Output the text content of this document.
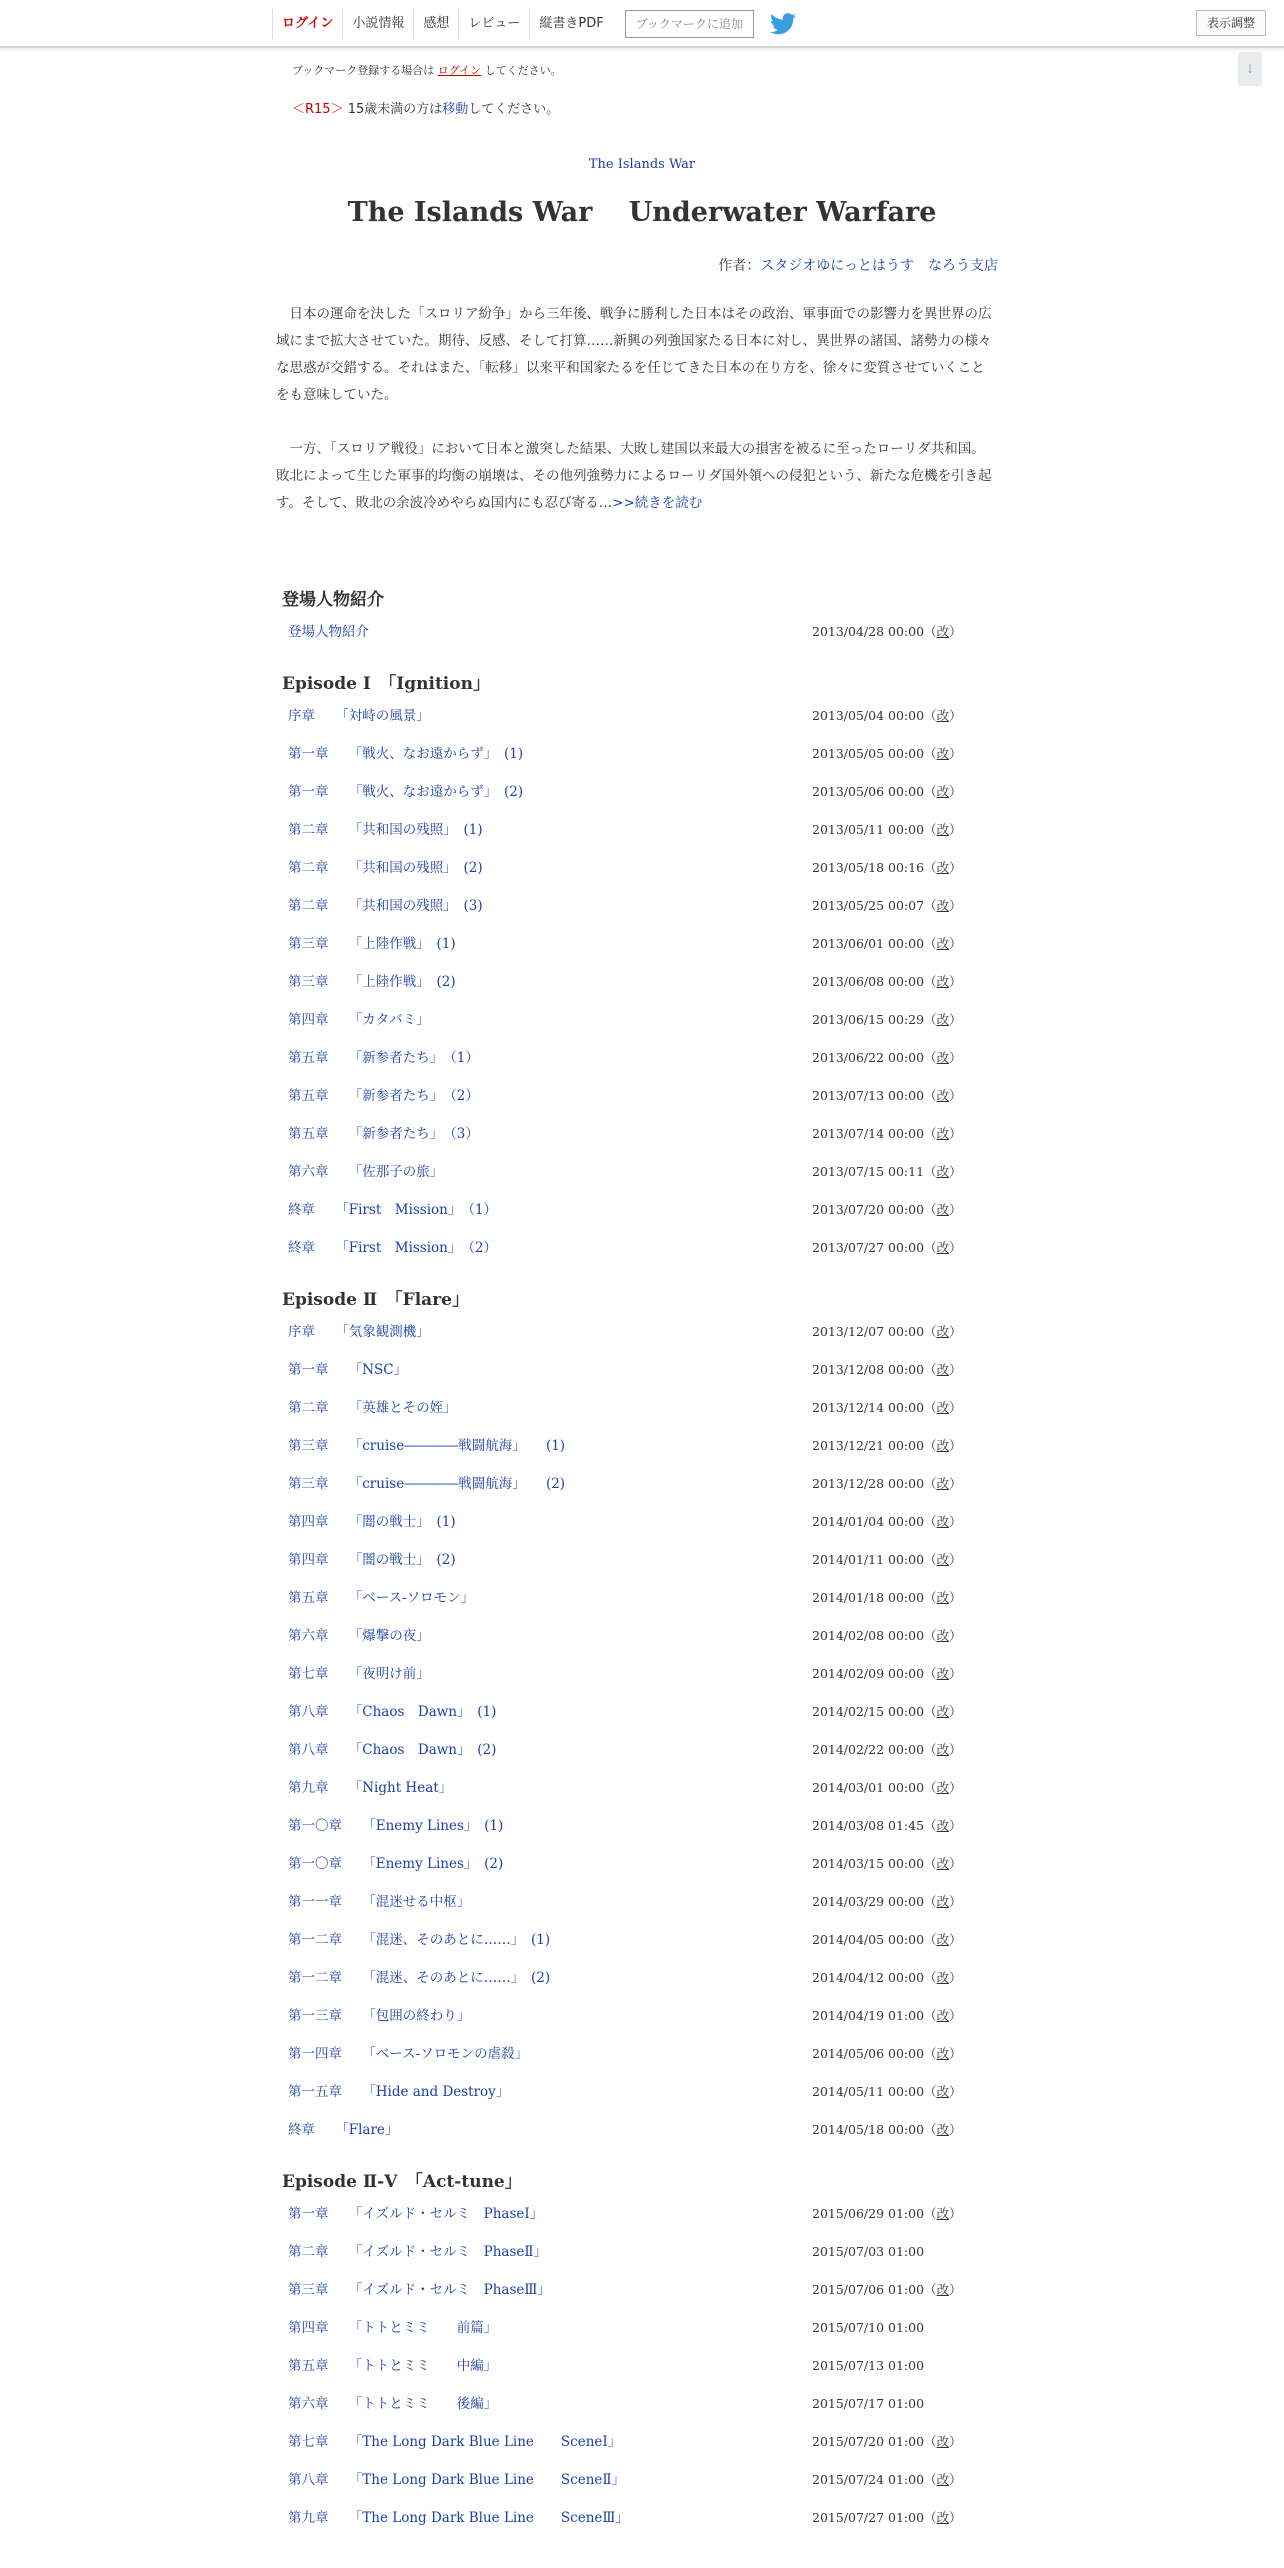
ログイン	小説情報	感想	レビュー	縦書きPDF	ブックマークに追加	表示調整
↓
ブックマーク登録する場合は ログイン してください。
＜R15＞ 15歳未満の方は移動してください。
The Islands War
The Islands War　 Underwater Warfare
作者：スタジオゆにっとはうす　なろう支店

日本の運命を決した「スロリア紛争」から三年後、戦争に勝利した日本はその政治、軍事面での影響力を異世界の広域にまで拡大させていた。期待、反感、そして打算……新興の列強国家たる日本に対し、異世界の諸国、諸勢力の様々な思惑が交錯する。それはまた、「転移」以来平和国家たるを任じてきた日本の在り方を、徐々に変質させていくことをも意味していた。

一方、「スロリア戦役」において日本と激突した結果、大敗し建国以来最大の損害を被るに至ったローリダ共和国。敗北によって生じた軍事的均衡の崩壊は、その他列強勢力によるローリダ国外領への侵犯という、新たな危機を引き起す。そして、敗北の余波冷めやらぬ国内にも忍び寄る…>>続きを読む

登場人物紹介
登場人物紹介	2013/04/28 00:00（改）
Episode Ⅰ　「Ignition」
序章　　「対峙の風景」	2013/05/04 00:00（改）
第一章　　「戦火、なお遠からず」　(1)	2013/05/05 00:00（改）
第一章　　「戦火、なお遠からず」　(2)	2013/05/06 00:00（改）
第二章　　「共和国の残照」　(1)	2013/05/11 00:00（改）
第二章　　「共和国の残照」　(2)	2013/05/18 00:16（改）
第二章　　「共和国の残照」　(3)	2013/05/25 00:07（改）
第三章　　「上陸作戦」　(1)	2013/06/01 00:00（改）
第三章　　「上陸作戦」　(2)	2013/06/08 00:00（改）
第四章　　「カタバミ」	2013/06/15 00:29（改）
第五章　　「新参者たち」　（1）	2013/06/22 00:00（改）
第五章　　「新参者たち」　（2）	2013/07/13 00:00（改）
第五章　　「新参者たち」　（3）	2013/07/14 00:00（改）
第六章　　「佐那子の旅」	2013/07/15 00:11（改）
終章　　「First　Mission」　（1）	2013/07/20 00:00（改）
終章　　「First　Mission」　（2）	2013/07/27 00:00（改）
Episode Ⅱ　「Flare」
序章　　「気象観測機」	2013/12/07 00:00（改）
第一章　　「NSC」	2013/12/08 00:00（改）
第二章　　「英雄とその姪」	2013/12/14 00:00（改）
第三章　　「cruise――――戦闘航海」　　(1)	2013/12/21 00:00（改）
第三章　　「cruise――――戦闘航海」　　(2)	2013/12/28 00:00（改）
第四章　　「闇の戦士」　(1)	2014/01/04 00:00（改）
第四章　　「闇の戦士」　(2)	2014/01/11 00:00（改）
第五章　　「ベース-ソロモン」	2014/01/18 00:00（改）
第六章　　「爆撃の夜」	2014/02/08 00:00（改）
第七章　　「夜明け前」	2014/02/09 00:00（改）
第八章　　「Chaos　Dawn」　(1)	2014/02/15 00:00（改）
第八章　　「Chaos　Dawn」　(2)	2014/02/22 00:00（改）
第九章　　「Night Heat」	2014/03/01 00:00（改）
第一〇章　　「Enemy Lines」　(1)	2014/03/08 01:45（改）
第一〇章　　「Enemy Lines」　(2)	2014/03/15 00:00（改）
第一一章　　「混迷せる中枢」	2014/03/29 00:00（改）
第一二章　　「混迷、そのあとに……」　(1)	2014/04/05 00:00（改）
第一二章　　「混迷、そのあとに……」　(2)	2014/04/12 00:00（改）
第一三章　　「包囲の終わり」	2014/04/19 01:00（改）
第一四章　　「ベース-ソロモンの虐殺」	2014/05/06 00:00（改）
第一五章　　「Hide and Destroy」	2014/05/11 00:00（改）
終章　　「Flare」	2014/05/18 00:00（改）
Episode Ⅱ-Ⅴ　「Act-tune」
第一章　　「イズルド・セルミ　PhaseⅠ」	2015/06/29 01:00（改）
第二章　　「イズルド・セルミ　PhaseⅡ」	2015/07/03 01:00
第三章　　「イズルド・セルミ　PhaseⅢ」	2015/07/06 01:00（改）
第四章　　「トトとミミ　　前篇」	2015/07/10 01:00
第五章　　「トトとミミ　　中編」	2015/07/13 01:00
第六章　　「トトとミミ　　後編」	2015/07/17 01:00
第七章　　「The Long Dark Blue Line　　SceneⅠ」	2015/07/20 01:00（改）
第八章　　「The Long Dark Blue Line　　SceneⅡ」	2015/07/24 01:00（改）
第九章　　「The Long Dark Blue Line　　SceneⅢ」	2015/07/27 01:00（改）
